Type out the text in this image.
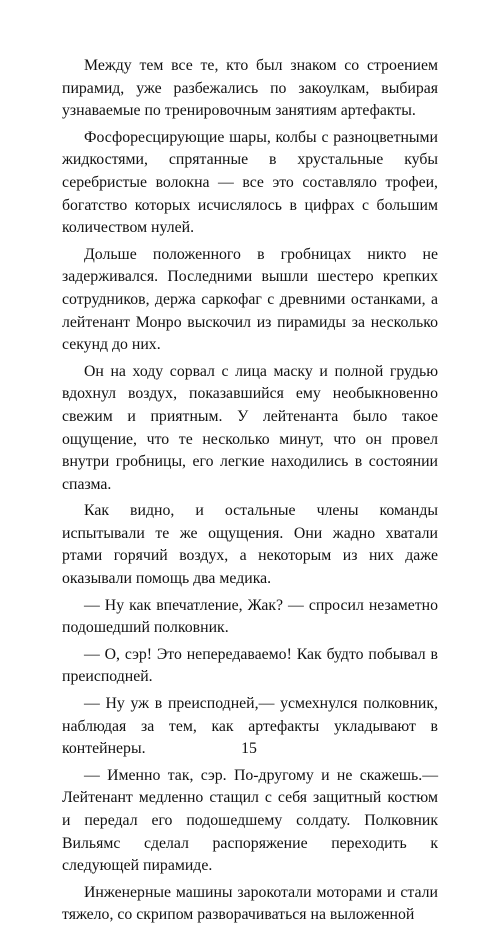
Между тем все те, кто был знаком со строением пирамид, уже разбежались по закоулкам, выбирая узнаваемые по тренировочным занятиям артефакты.

Фосфоресцирующие шары, колбы с разноцветными жидкостями, спрятанные в хрустальные кубы серебристые волокна — все это составляло трофеи, богатство которых исчислялось в цифрах с большим количеством нулей.

Дольше положенного в гробницах никто не задерживался. Последними вышли шестеро крепких сотрудников, держа саркофаг с древними останками, а лейтенант Монро выскочил из пирамиды за несколько секунд до них.

Он на ходу сорвал с лица маску и полной грудью вдохнул воздух, показавшийся ему необыкновенно свежим и приятным. У лейтенанта было такое ощущение, что те несколько минут, что он провел внутри гробницы, его легкие находились в состоянии спазма.

Как видно, и остальные члены команды испытывали те же ощущения. Они жадно хватали ртами горячий воздух, а некоторым из них даже оказывали помощь два медика.

— Ну как впечатление, Жак? — спросил незаметно подошедший полковник.

— О, сэр! Это непередаваемо! Как будто побывал в преисподней.

— Ну уж в преисподней,— усмехнулся полковник, наблюдая за тем, как артефакты укладывают в контейнеры.

— Именно так, сэр. По-другому и не скажешь.— Лейтенант медленно стащил с себя защитный костюм и передал его подошедшему солдату. Полковник Вильямс сделал распоряжение переходить к следующей пирамиде.

Инженерные машины зарокотали моторами и стали тяжело, со скрипом разворачиваться на выложенной

15
